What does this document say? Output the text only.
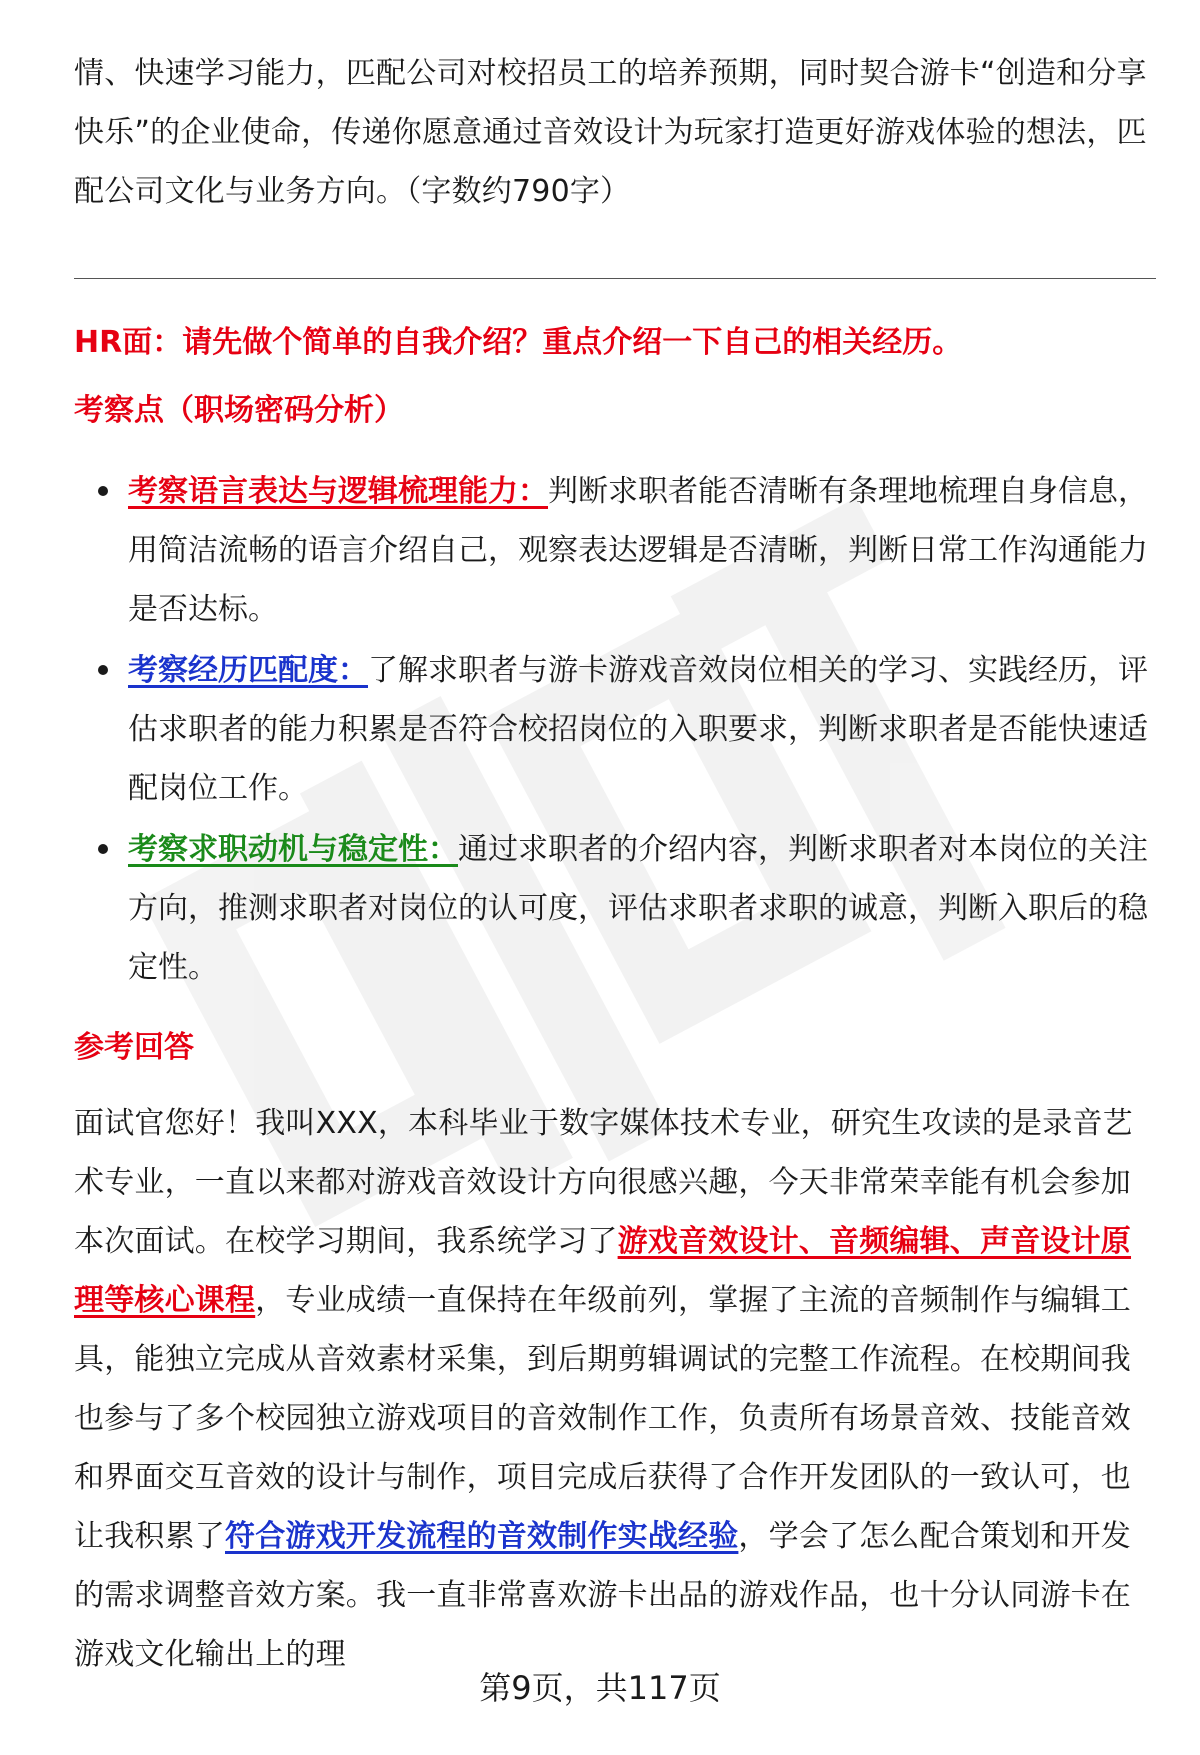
情、快速学习能力，匹配公司对校招员工的培养预期，同时契合游卡“创造和分享快乐”的企业使命，传递你愿意通过音效设计为玩家打造更好游戏体验的想法，匹配公司文化与业务方向。（字数约790字）

HR面：请先做个简单的自我介绍？重点介绍一下自己的相关经历。
考察点（职场密码分析）
考察语言表达与逻辑梳理能力：判断求职者能否清晰有条理地梳理自身信息，用简洁流畅的语言介绍自己，观察表达逻辑是否清晰，判断日常工作沟通能力是否达标。
考察经历匹配度：了解求职者与游卡游戏音效岗位相关的学习、实践经历，评估求职者的能力积累是否符合校招岗位的入职要求，判断求职者是否能快速适配岗位工作。
考察求职动机与稳定性：通过求职者的介绍内容，判断求职者对本岗位的关注方向，推测求职者对岗位的认可度，评估求职者求职的诚意，判断入职后的稳定性。
参考回答

面试官您好！我叫XXX，本科毕业于数字媒体技术专业，研究生攻读的是录音艺术专业，一直以来都对游戏音效设计方向很感兴趣，今天非常荣幸能有机会参加本次面试。在校学习期间，我系统学习了游戏音效设计、音频编辑、声音设计原理等核心课程，专业成绩一直保持在年级前列，掌握了主流的音频制作与编辑工具，能独立完成从音效素材采集，到后期剪辑调试的完整工作流程。在校期间我也参与了多个校园独立游戏项目的音效制作工作，负责所有场景音效、技能音效和界面交互音效的设计与制作，项目完成后获得了合作开发团队的一致认可，也让我积累了符合游戏开发流程的音效制作实战经验，学会了怎么配合策划和开发的需求调整音效方案。我一直非常喜欢游卡出品的游戏作品，也十分认同游卡在游戏文化输出上的理

第9页，共117页
